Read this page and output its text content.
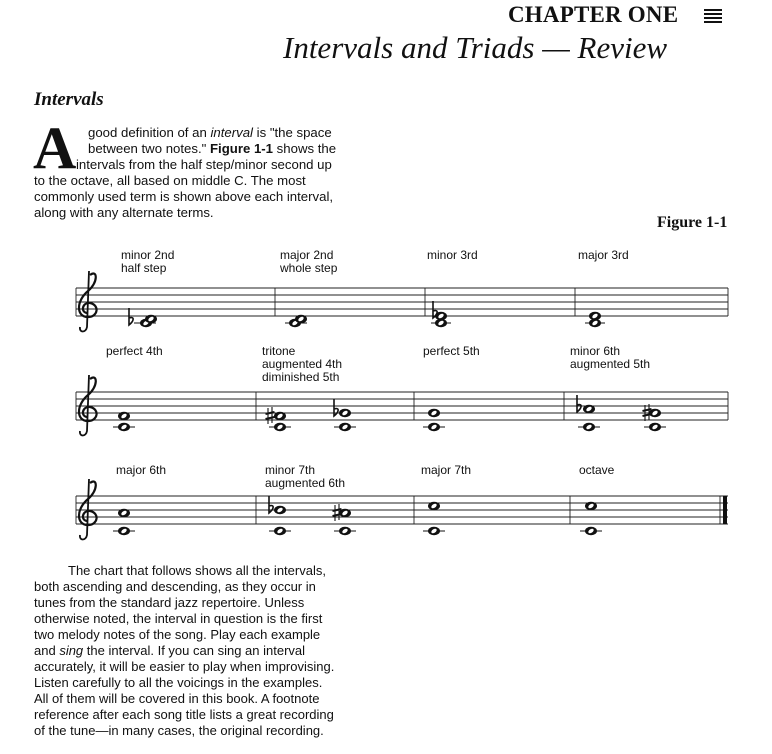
CHAPTER ONE
Intervals and Triads — Review
Intervals
A good definition of an interval is "the space
between two notes." Figure 1-1 shows the
intervals from the half step/minor second up
to the octave, all based on middle C. The most
commonly used term is shown above each interval,
along with any alternate terms.
Figure 1-1
minor 2nd
half step
major 2nd
whole step
minor 3rd	major 3rd
perfect 4th	tritone
augmented 4th
diminished 5th
perfect 5th	minor 6th
augmented 5th
major 6th	minor 7th
augmented 6th
major 7th	octave
The chart that follows shows all the intervals,
both ascending and descending, as they occur in
tunes from the standard jazz repertoire. Unless
otherwise noted, the interval in question is the first
two melody notes of the song. Play each example
and sing the interval. If you can sing an interval
accurately, it will be easier to play when improvising.
Listen carefully to all the voicings in the examples.
All of them will be covered in this book. A footnote
reference after each song title lists a great recording
of the tune—in many cases, the original recording.
